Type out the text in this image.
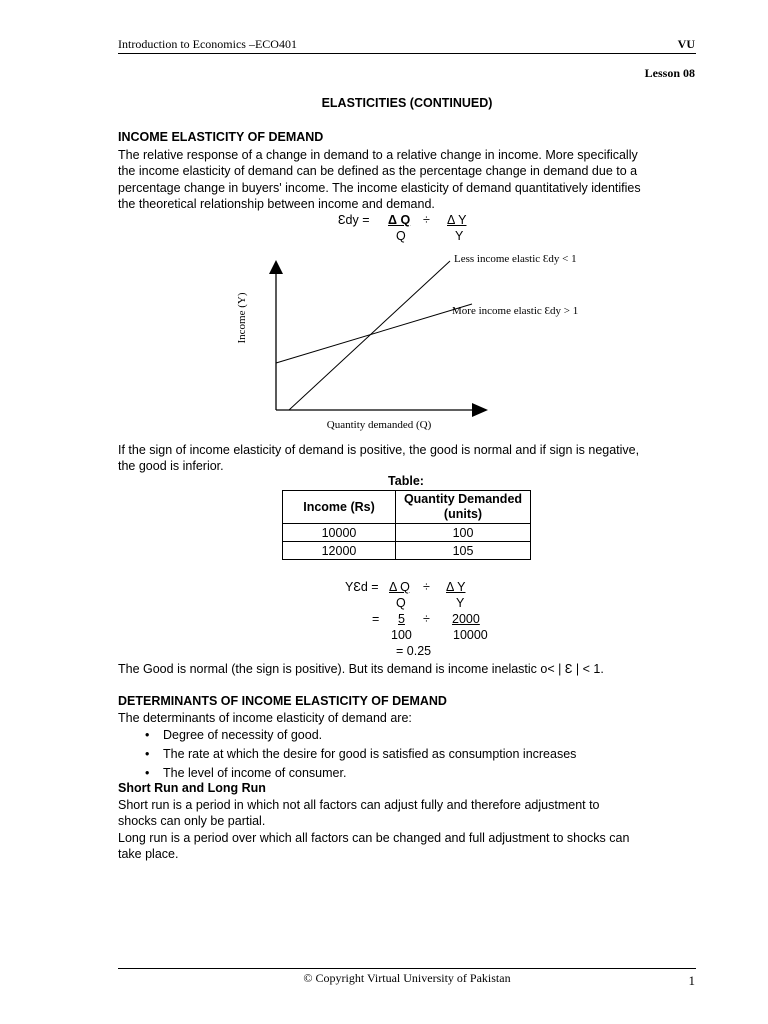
Introduction to Economics –ECO401	VU
Lesson 08
ELASTICITIES (CONTINUED)
INCOME ELASTICITY OF DEMAND
The relative response of a change in demand to a relative change in income. More specifically
the income elasticity of demand can be defined as the percentage change in demand due to a
percentage change in buyers' income. The income elasticity of demand quantitatively identifies
the theoretical relationship between income and demand.
Ɛdy = Δ Q ÷ Δ Y
Q	Y
Income (Y)
Quantity demanded (Q)
Less income elastic Ɛdy < 1
More income elastic Ɛdy > 1
If the sign of income elasticity of demand is positive, the good is normal and if sign is negative,
the good is inferior.
Table:
Income (Rs)	Quantity Demanded (units)
10000	100
12000	105
YƐd = Δ Q ÷ Δ Y
Q	Y
= 5 ÷ 2000
100	10000
= 0.25
The Good is normal (the sign is positive). But its demand is income inelastic o< | Ɛ | < 1.
DETERMINANTS OF INCOME ELASTICITY OF DEMAND
The determinants of income elasticity of demand are:
• Degree of necessity of good.
• The rate at which the desire for good is satisfied as consumption increases
• The level of income of consumer.
Short Run and Long Run
Short run is a period in which not all factors can adjust fully and therefore adjustment to
shocks can only be partial.
Long run is a period over which all factors can be changed and full adjustment to shocks can
take place.
© Copyright Virtual University of Pakistan	1
